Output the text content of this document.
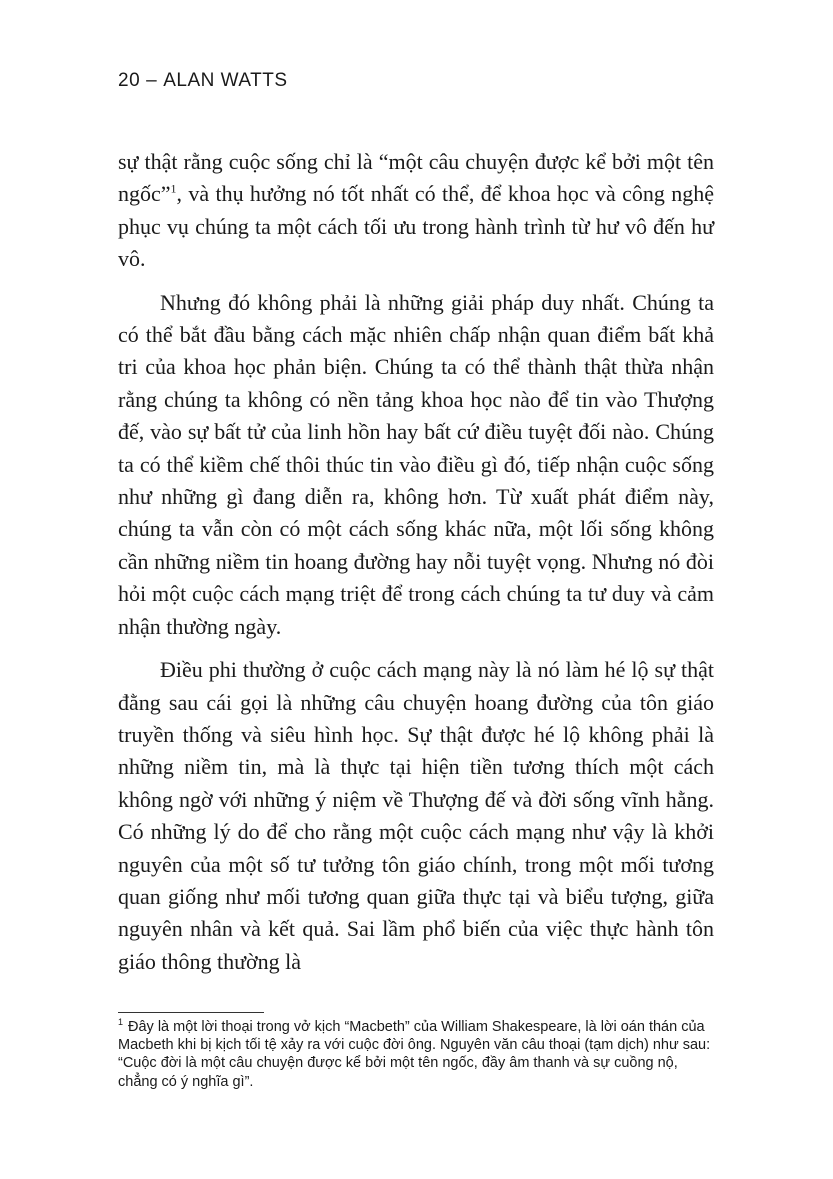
20 – ALAN WATTS

sự thật rằng cuộc sống chỉ là “một câu chuyện được kể bởi một tên ngốc”$^1$, và thụ hưởng nó tốt nhất có thể, để khoa học và công nghệ phục vụ chúng ta một cách tối ưu trong hành trình từ hư vô đến hư vô.

Nhưng đó không phải là những giải pháp duy nhất. Chúng ta có thể bắt đầu bằng cách mặc nhiên chấp nhận quan điểm bất khả tri của khoa học phản biện. Chúng ta có thể thành thật thừa nhận rằng chúng ta không có nền tảng khoa học nào để tin vào Thượng đế, vào sự bất tử của linh hồn hay bất cứ điều tuyệt đối nào. Chúng ta có thể kiềm chế thôi thúc tin vào điều gì đó, tiếp nhận cuộc sống như những gì đang diễn ra, không hơn. Từ xuất phát điểm này, chúng ta vẫn còn có một cách sống khác nữa, một lối sống không cần những niềm tin hoang đường hay nỗi tuyệt vọng. Nhưng nó đòi hỏi một cuộc cách mạng triệt để trong cách chúng ta tư duy và cảm nhận thường ngày.

Điều phi thường ở cuộc cách mạng này là nó làm hé lộ sự thật đằng sau cái gọi là những câu chuyện hoang đường của tôn giáo truyền thống và siêu hình học. Sự thật được hé lộ không phải là những niềm tin, mà là thực tại hiện tiền tương thích một cách không ngờ với những ý niệm về Thượng đế và đời sống vĩnh hằng. Có những lý do để cho rằng một cuộc cách mạng như vậy là khởi nguyên của một số tư tưởng tôn giáo chính, trong một mối tương quan giống như mối tương quan giữa thực tại và biểu tượng, giữa nguyên nhân và kết quả. Sai lầm phổ biến của việc thực hành tôn giáo thông thường là

$^1$ Đây là một lời thoại trong vở kịch “Macbeth” của William Shakespeare, là lời oán thán của Macbeth khi bị kịch tối tệ xảy ra với cuộc đời ông. Nguyên văn câu thoại (tạm dịch) như sau: “Cuộc đời là một câu chuyện được kể bởi một tên ngốc, đầy âm thanh và sự cuồng nộ, chẳng có ý nghĩa gì”.
